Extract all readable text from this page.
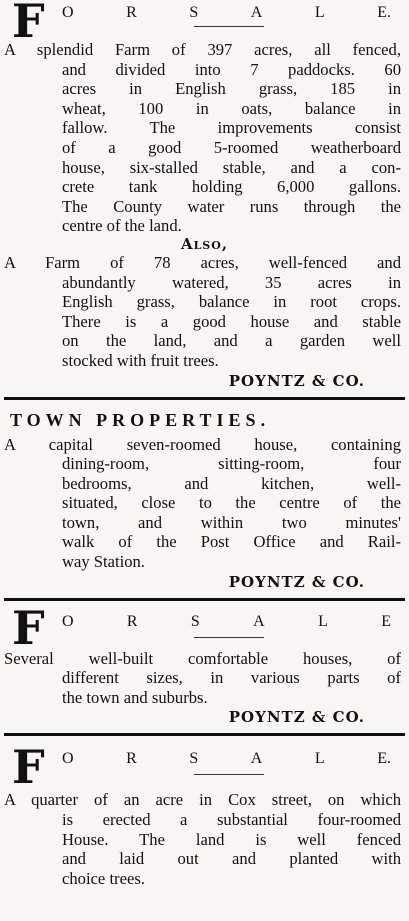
F O	R	S	A	L	E.
A splendid Farm of 397 acres, all fenced,
and divided into 7 paddocks. 60
acres in English grass, 185 in
wheat, 100 in oats, balance in
fallow. The improvements consist
of a good 5-roomed weatherboard
house, six-stalled stable, and a con-
crete tank holding 6,000 gallons.
The County water runs through the
centre of the land.
Also,
A Farm of 78 acres, well-fenced and
abundantly watered, 35 acres in
English grass, balance in root crops.
There is a good house and stable
on the land, and a garden well
stocked with fruit trees.
POYNTZ & CO.
TOWN PROPERTIES.
A capital seven-roomed house, containing
dining-room, sitting-room, four
bedrooms, and kitchen, well-
situated, close to the centre of the
town, and within two minutes'
walk of the Post Office and Rail-
way Station.
POYNTZ & CO.
F O	R	S	A	L	E
Several well-built comfortable houses, of
different sizes, in various parts of
the town and suburbs.
POYNTZ & CO.
F O	R	S	A	L	E.
A quarter of an acre in Cox street, on which
is erected a substantial four-roomed
House. The land is well fenced
and laid out and planted with
choice trees.
